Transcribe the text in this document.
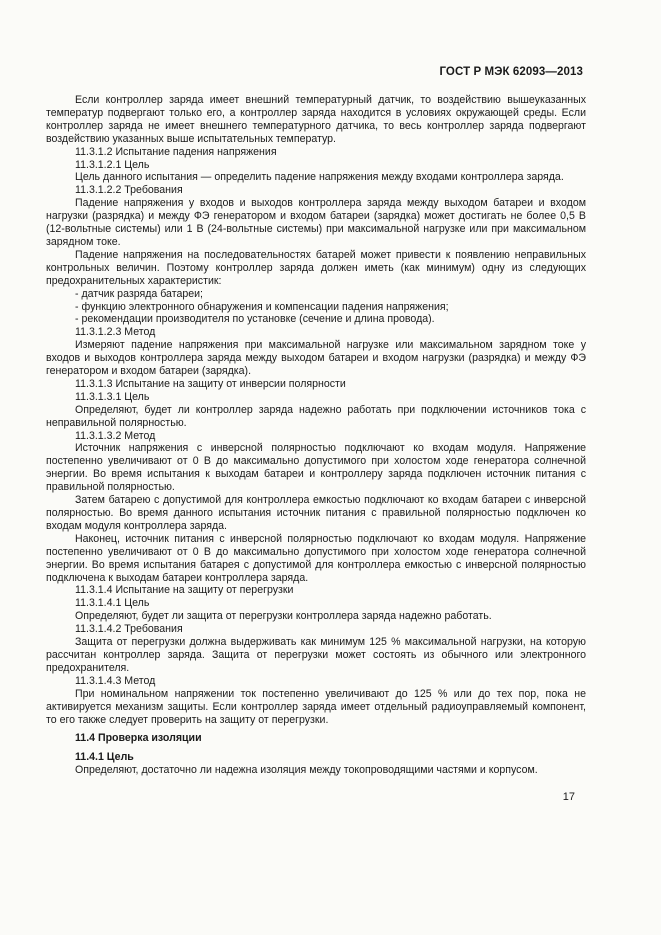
ГОСТ Р МЭК 62093—2013

Если контроллер заряда имеет внешний температурный датчик, то воздействию вышеуказанных температур подвергают только его, а контроллер заряда находится в условиях окружающей среды. Если контроллер заряда не имеет внешнего температурного датчика, то весь контроллер заряда подвергают воздействию указанных выше испытательных температур.

11.3.1.2 Испытание падения напряжения

11.3.1.2.1 Цель

Цель данного испытания — определить падение напряжения между входами контроллера заряда.

11.3.1.2.2 Требования

Падение напряжения у входов и выходов контроллера заряда между выходом батареи и входом нагрузки (разрядка) и между ФЭ генератором и входом батареи (зарядка) может достигать не более 0,5 В (12-вольтные системы) или 1 В (24-вольтные системы) при максимальной нагрузке или при максимальном зарядном токе.

Падение напряжения на последовательностях батарей может привести к появлению неправильных контрольных величин. Поэтому контроллер заряда должен иметь (как минимум) одну из следующих предохранительных характеристик:

- датчик разряда батареи;

- функцию электронного обнаружения и компенсации падения напряжения;

- рекомендации производителя по установке (сечение и длина провода).

11.3.1.2.3 Метод

Измеряют падение напряжения при максимальной нагрузке или максимальном зарядном токе у входов и выходов контроллера заряда между выходом батареи и входом нагрузки (разрядка) и между ФЭ генератором и входом батареи (зарядка).

11.3.1.3 Испытание на защиту от инверсии полярности

11.3.1.3.1 Цель

Определяют, будет ли контроллер заряда надежно работать при подключении источников тока с неправильной полярностью.

11.3.1.3.2 Метод

Источник напряжения с инверсной полярностью подключают ко входам модуля. Напряжение постепенно увеличивают от 0 В до максимально допустимого при холостом ходе генератора солнечной энергии. Во время испытания к выходам батареи и контроллеру заряда подключен источник питания с правильной полярностью.

Затем батарею с допустимой для контроллера емкостью подключают ко входам батареи с инверсной полярностью. Во время данного испытания источник питания с правильной полярностью подключен ко входам модуля контроллера заряда.

Наконец, источник питания с инверсной полярностью подключают ко входам модуля. Напряжение постепенно увеличивают от 0 В до максимально допустимого при холостом ходе генератора солнечной энергии. Во время испытания батарея с допустимой для контроллера емкостью с инверсной полярностью подключена к выходам батареи контроллера заряда.

11.3.1.4 Испытание на защиту от перегрузки

11.3.1.4.1 Цель

Определяют, будет ли защита от перегрузки контроллера заряда надежно работать.

11.3.1.4.2 Требования

Защита от перегрузки должна выдерживать как минимум 125 % максимальной нагрузки, на которую рассчитан контроллер заряда. Защита от перегрузки может состоять из обычного или электронного предохранителя.

11.3.1.4.3 Метод

При номинальном напряжении ток постепенно увеличивают до 125 % или до тех пор, пока не активируется механизм защиты. Если контроллер заряда имеет отдельный радиоуправляемый компонент, то его также следует проверить на защиту от перегрузки.

11.4 Проверка изоляции

11.4.1 Цель

Определяют, достаточно ли надежна изоляция между токопроводящими частями и корпусом.

17
